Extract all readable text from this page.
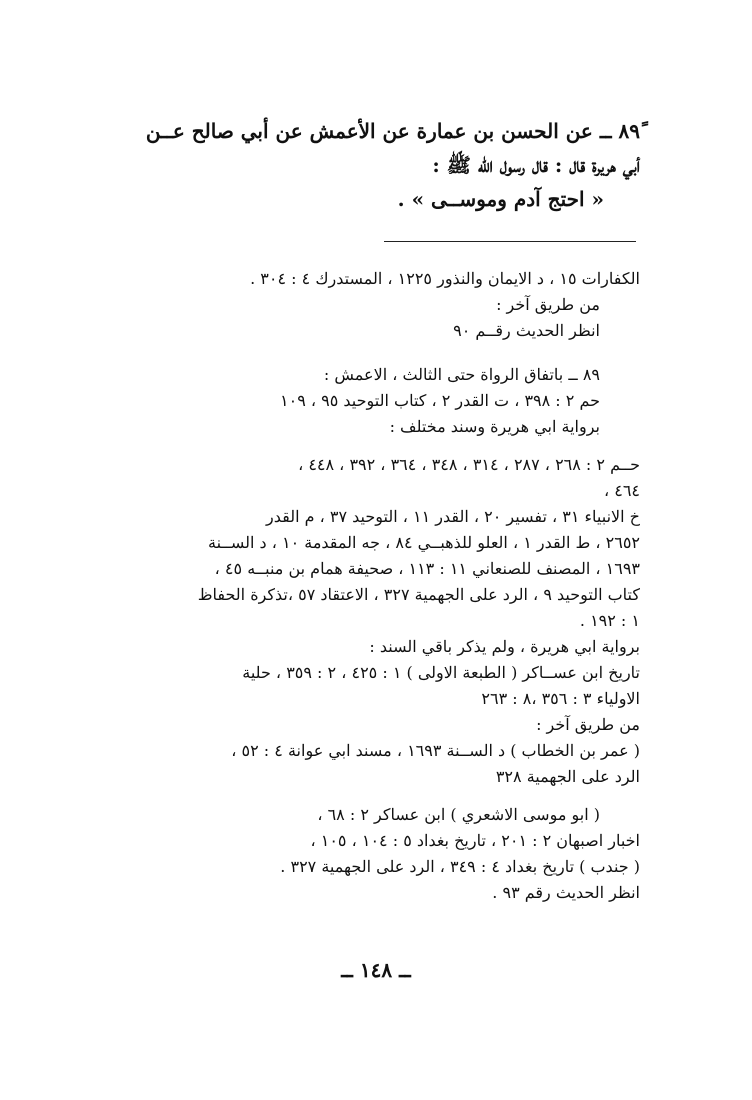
٨٩ً ــ عن الحسن بن عمارة عن الأعمش عن أبي صالح عــن
أبي هريرة قال : قال رسول الله ﷺ :
« احتج آدم وموســى » .
الكفارات ١٥ ، د الايمان والنذور ١٢٢٥ ، المستدرك ٤ : ٣٠٤ .
من طريق آخر :
انظر الحديث رقــم ٩٠
٨٩ ــ باتفاق الرواة حتى الثالث ، الاعمش :
حم ٢ : ٣٩٨ ، ت القدر ٢ ، كتاب التوحيد ٩٥ ، ١٠٩
برواية ابي هريرة وسند مختلف :
حــم ٢ : ٢٦٨ ، ٢٨٧ ، ٣١٤ ، ٣٤٨ ، ٣٦٤ ، ٣٩٢ ، ٤٤٨ ،
٤٦٤ ،
خ الانبياء ٣١ ، تفسير ٢٠ ، القدر ١١ ، التوحيد ٣٧ ، م القدر
٢٦٥٢ ، ط القدر ١ ، العلو للذهبــي ٨٤ ، جه المقدمة ١٠ ، د الســنة
١٦٩٣ ، المصنف للصنعاني ١١ : ١١٣ ، صحيفة همام بن منبــه ٤٥ ،
كتاب التوحيد ٩ ، الرد على الجهمية ٣٢٧ ، الاعتقاد ٥٧ ،تذكرة الحفاظ
١ : ١٩٢ .
برواية ابي هريرة ، ولم يذكر باقي السند :
تاريخ ابن عســاكر ( الطبعة الاولى ) ١ : ٤٢٥ ، ٢ : ٣٥٩ ، حلية
الاولياء ٣ : ٣٥٦ ،٨ : ٢٦٣
من طريق آخر :
( عمر بن الخطاب ) د الســنة ١٦٩٣ ، مسند ابي عوانة ٤ : ٥٢ ،
الرد على الجهمية ٣٢٨
( ابو موسى الاشعري ) ابن عساكر ٢ : ٦٨ ،
اخبار اصبهان ٢ : ٢٠١ ، تاريخ بغداد ٥ : ١٠٤ ، ١٠٥ ،
( جندب ) تاريخ بغداد ٤ : ٣٤٩ ، الرد على الجهمية ٣٢٧ .
انظر الحديث رقم ٩٣ .
ــ ١٤٨ ــ
